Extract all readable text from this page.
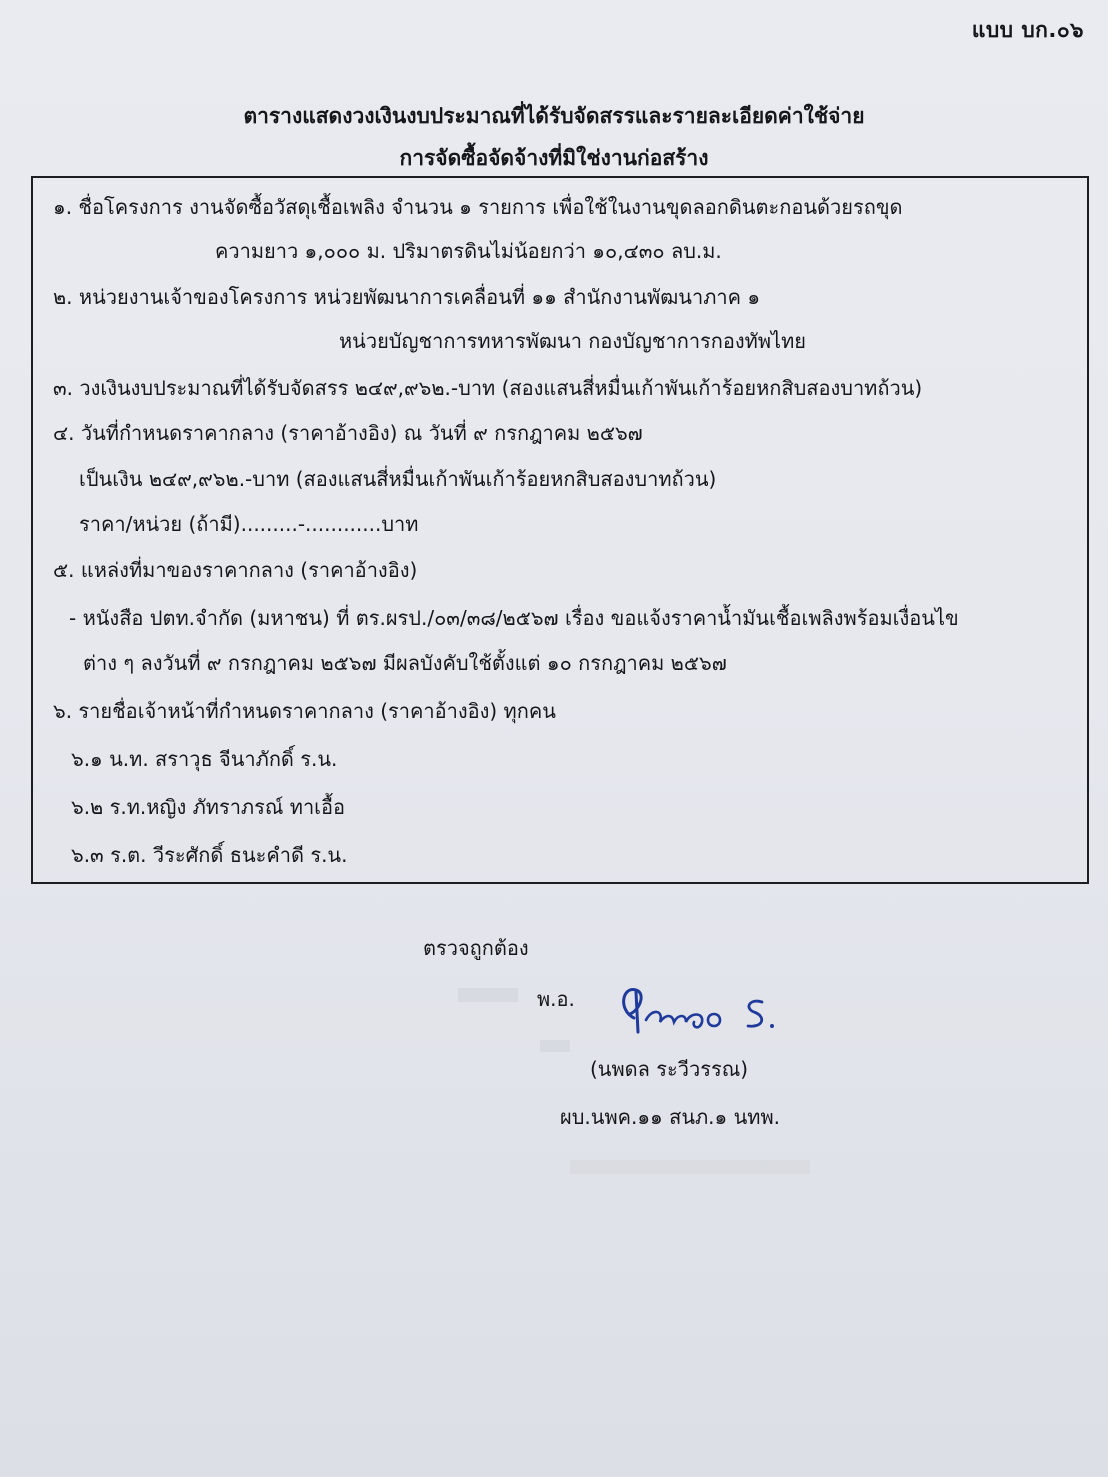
แบบ บก.๐๖
ตารางแสดงวงเงินงบประมาณที่ได้รับจัดสรรและรายละเอียดค่าใช้จ่าย
การจัดซื้อจัดจ้างที่มิใช่งานก่อสร้าง
๑. ชื่อโครงการ งานจัดซื้อวัสดุเชื้อเพลิง จำนวน ๑ รายการ เพื่อใช้ในงานขุดลอกดินตะกอนด้วยรถขุด
ความยาว ๑,๐๐๐ ม. ปริมาตรดินไม่น้อยกว่า ๑๐,๔๓๐ ลบ.ม.
๒. หน่วยงานเจ้าของโครงการ หน่วยพัฒนาการเคลื่อนที่ ๑๑ สำนักงานพัฒนาภาค ๑
หน่วยบัญชาการทหารพัฒนา กองบัญชาการกองทัพไทย
๓. วงเงินงบประมาณที่ได้รับจัดสรร ๒๔๙,๙๖๒.-บาท (สองแสนสี่หมื่นเก้าพันเก้าร้อยหกสิบสองบาทถ้วน)
๔. วันที่กำหนดราคากลาง (ราคาอ้างอิง) ณ วันที่ ๙ กรกฎาคม ๒๕๖๗
เป็นเงิน ๒๔๙,๙๖๒.-บาท (สองแสนสี่หมื่นเก้าพันเก้าร้อยหกสิบสองบาทถ้วน)
ราคา/หน่วย (ถ้ามี).........-............บาท
๕. แหล่งที่มาของราคากลาง (ราคาอ้างอิง)
- หนังสือ ปตท.จำกัด (มหาชน) ที่ ตร.ผรป./๐๓/๓๘/๒๕๖๗ เรื่อง ขอแจ้งราคาน้ำมันเชื้อเพลิงพร้อมเงื่อนไข
ต่าง ๆ ลงวันที่ ๙ กรกฎาคม ๒๕๖๗ มีผลบังคับใช้ตั้งแต่ ๑๐ กรกฎาคม ๒๕๖๗
๖. รายชื่อเจ้าหน้าที่กำหนดราคากลาง (ราคาอ้างอิง) ทุกคน
๖.๑ น.ท. สราวุธ จีนาภักดิ์ ร.น.
๖.๒ ร.ท.หญิง ภัทราภรณ์ ทาเอื้อ
๖.๓ ร.ต. วีระศักดิ์ ธนะคำดี ร.น.
ตรวจถูกต้อง
พ.อ.
(นพดล ระวีวรรณ)
ผบ.นพค.๑๑ สนภ.๑ นทพ.
